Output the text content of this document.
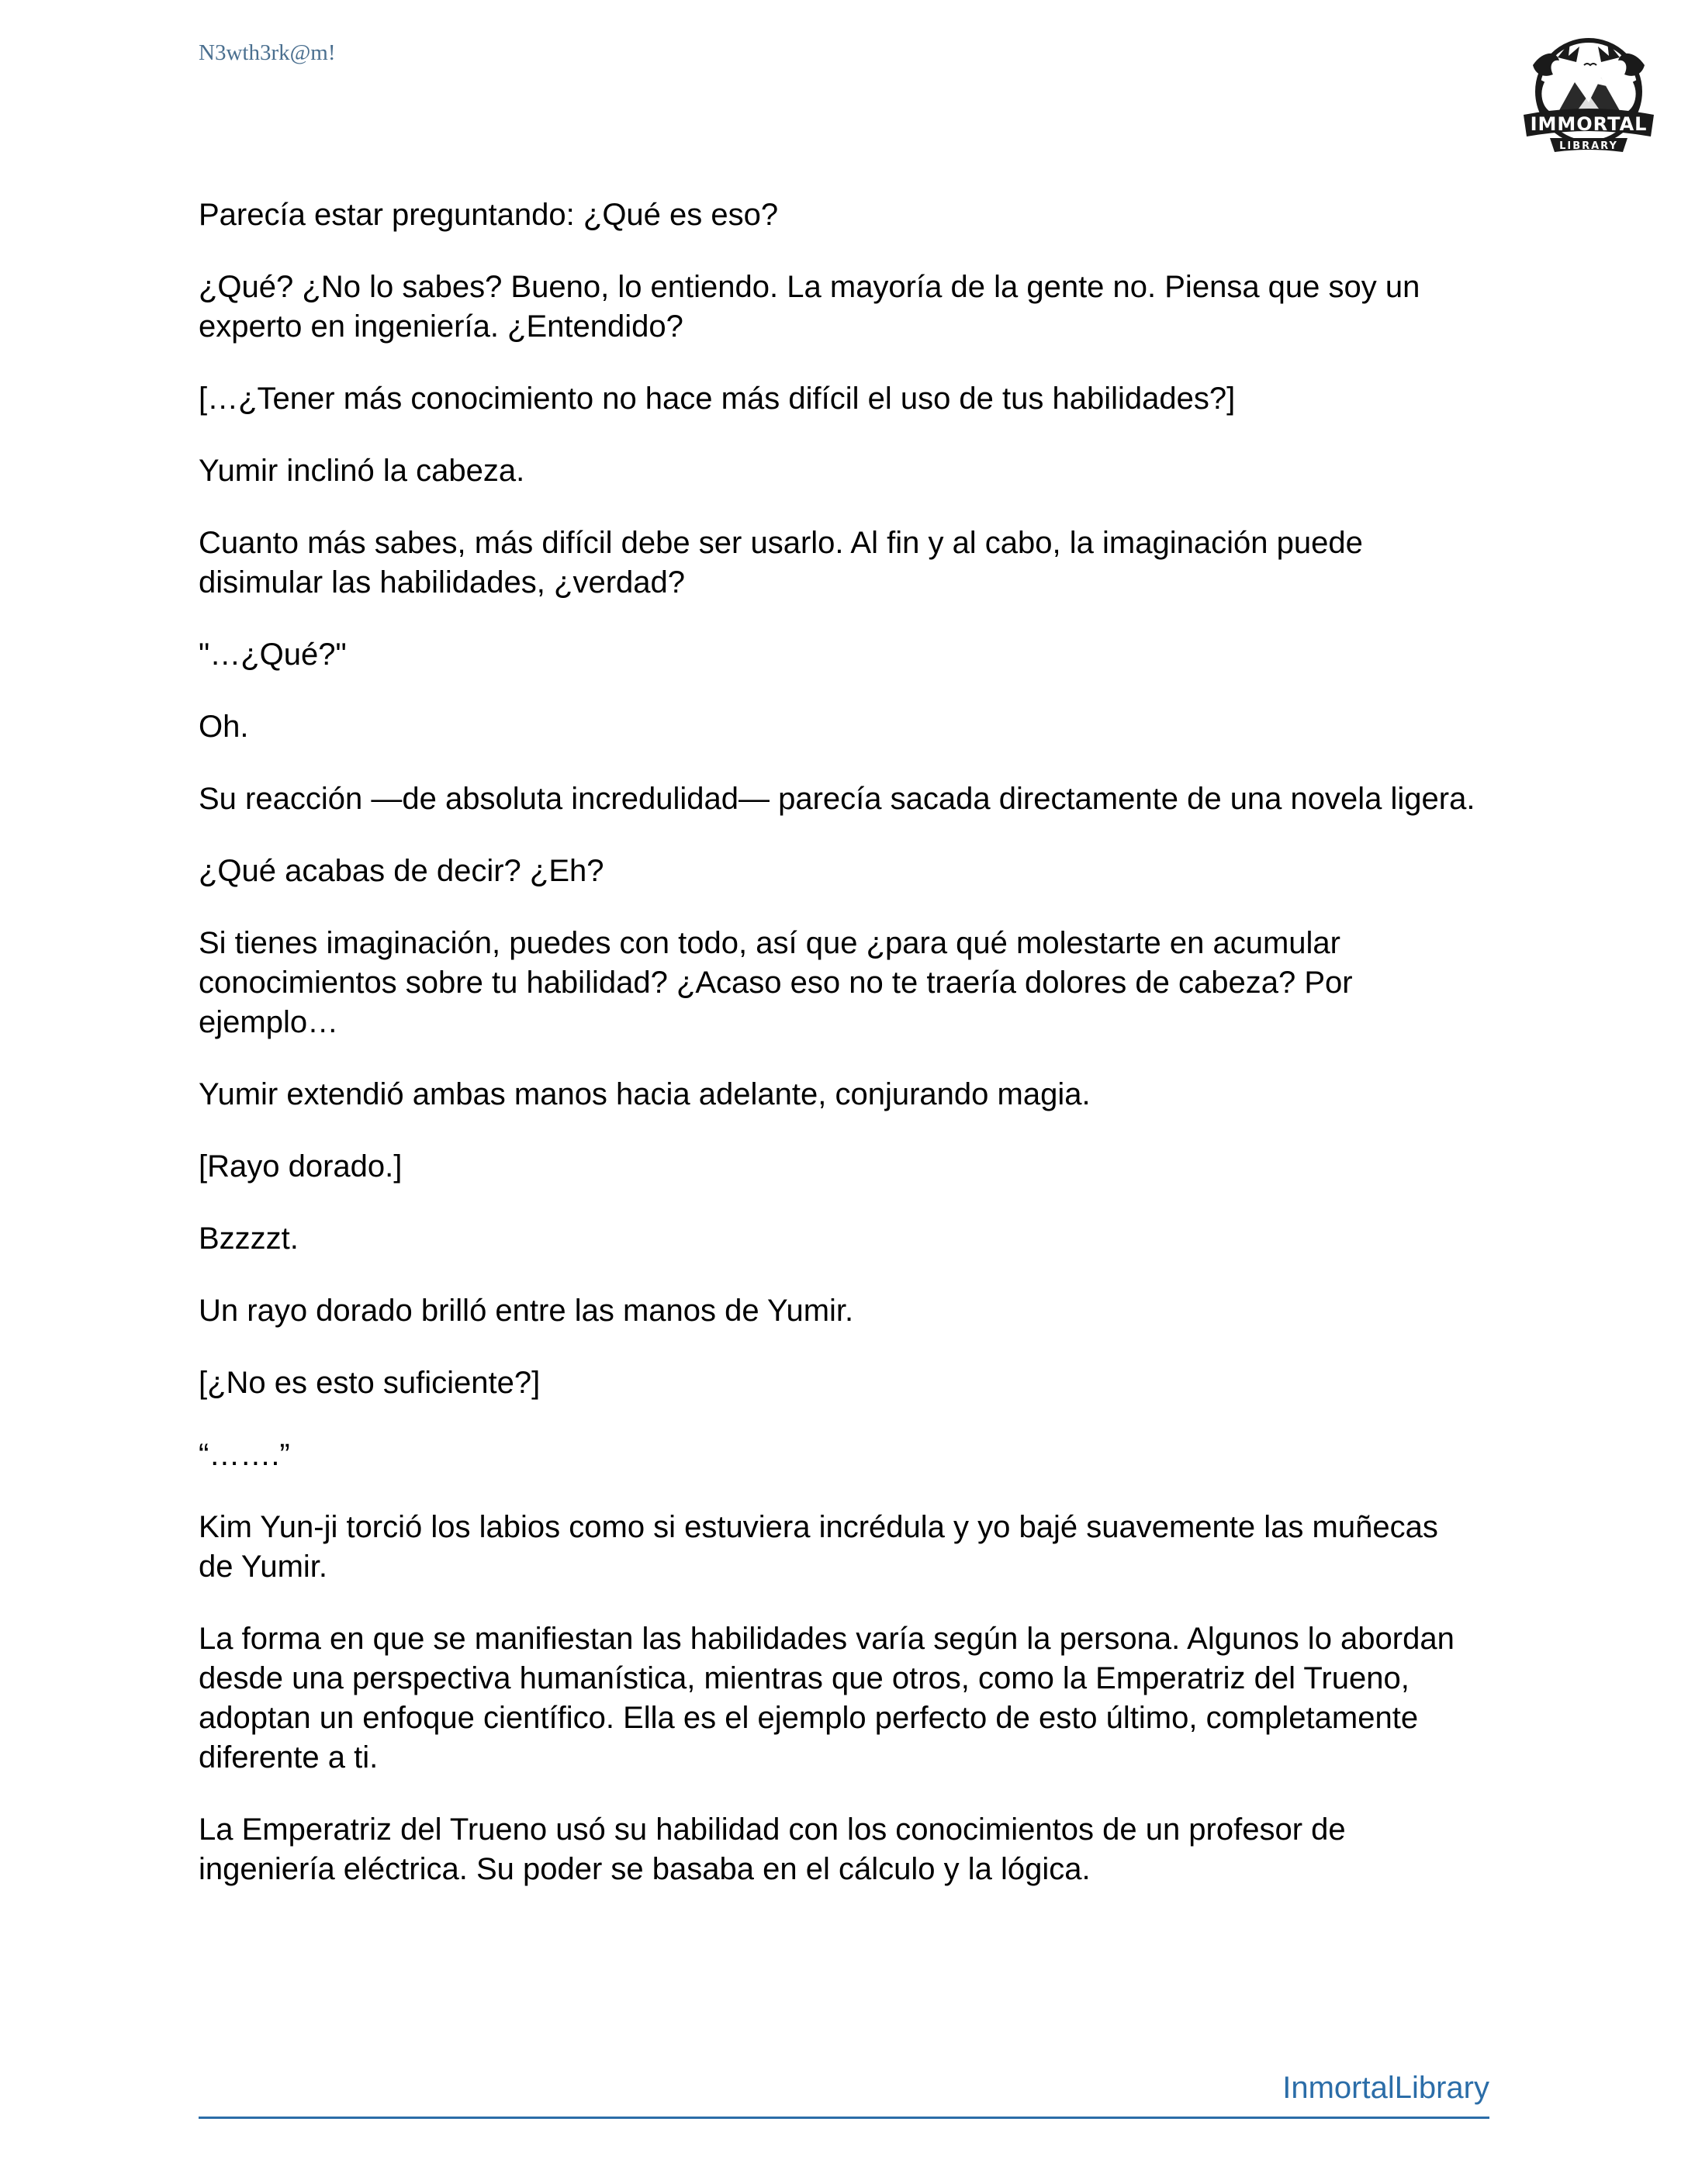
N3wth3rk@m!
IMMORTAL
LIBRARY

Parecía estar preguntando: ¿Qué es eso?

¿Qué? ¿No lo sabes? Bueno, lo entiendo. La mayoría de la gente no. Piensa que soy un experto en ingeniería. ¿Entendido?

[…¿Tener más conocimiento no hace más difícil el uso de tus habilidades?]

Yumir inclinó la cabeza.

Cuanto más sabes, más difícil debe ser usarlo. Al fin y al cabo, la imaginación puede disimular las habilidades, ¿verdad?

"…¿Qué?"

Oh.

Su reacción —de absoluta incredulidad— parecía sacada directamente de una novela ligera.

¿Qué acabas de decir? ¿Eh?

Si tienes imaginación, puedes con todo, así que ¿para qué molestarte en acumular conocimientos sobre tu habilidad? ¿Acaso eso no te traería dolores de cabeza? Por ejemplo…

Yumir extendió ambas manos hacia adelante, conjurando magia.

[Rayo dorado.]

Bzzzzt.

Un rayo dorado brilló entre las manos de Yumir.

[¿No es esto suficiente?]

“…….”

Kim Yun-ji torció los labios como si estuviera incrédula y yo bajé suavemente las muñecas de Yumir.

La forma en que se manifiestan las habilidades varía según la persona. Algunos lo abordan desde una perspectiva humanística, mientras que otros, como la Emperatriz del Trueno, adoptan un enfoque científico. Ella es el ejemplo perfecto de esto último, completamente diferente a ti.

La Emperatriz del Trueno usó su habilidad con los conocimientos de un profesor de ingeniería eléctrica. Su poder se basaba en el cálculo y la lógica.

InmortalLibrary
